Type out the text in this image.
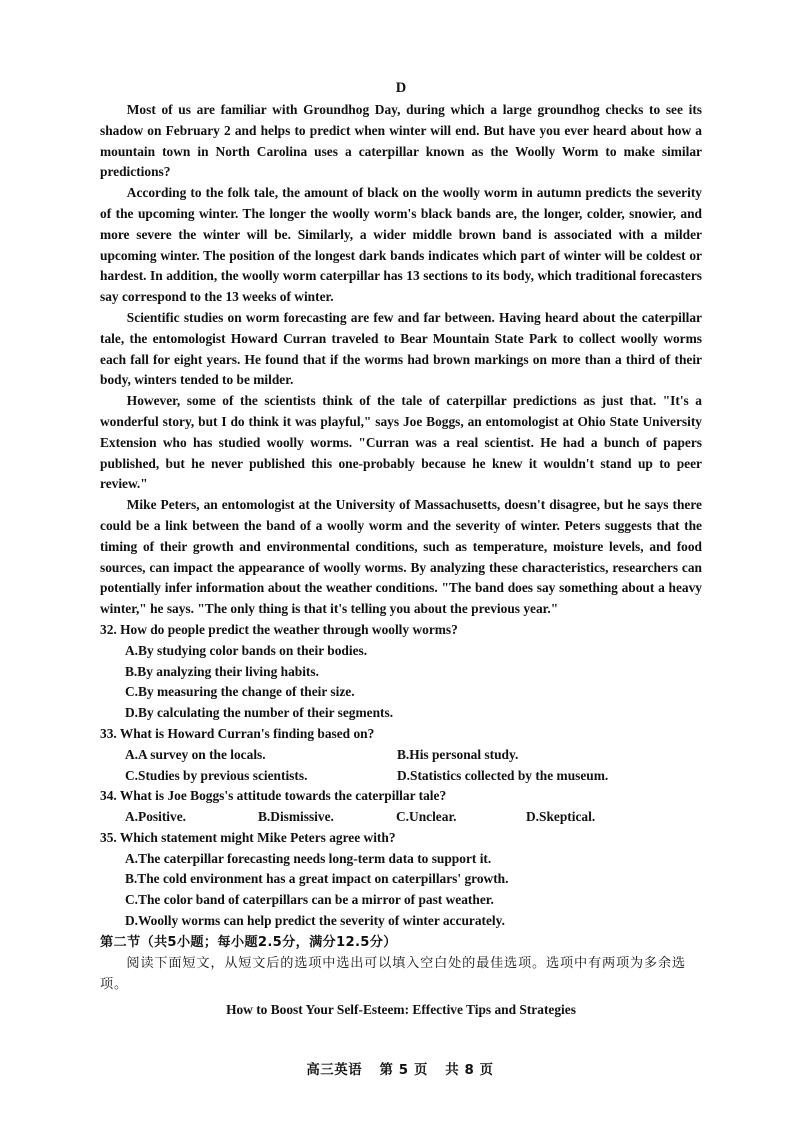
D

Most of us are familiar with Groundhog Day, during which a large groundhog checks to see its shadow on February 2 and helps to predict when winter will end. But have you ever heard about how a mountain town in North Carolina uses a caterpillar known as the Woolly Worm to make similar predictions?

According to the folk tale, the amount of black on the woolly worm in autumn predicts the severity of the upcoming winter. The longer the woolly worm's black bands are, the longer, colder, snowier, and more severe the winter will be. Similarly, a wider middle brown band is associated with a milder upcoming winter. The position of the longest dark bands indicates which part of winter will be coldest or hardest. In addition, the woolly worm caterpillar has 13 sections to its body, which traditional forecasters say correspond to the 13 weeks of winter.

Scientific studies on worm forecasting are few and far between. Having heard about the caterpillar tale, the entomologist Howard Curran traveled to Bear Mountain State Park to collect woolly worms each fall for eight years. He found that if the worms had brown markings on more than a third of their body, winters tended to be milder.

However, some of the scientists think of the tale of caterpillar predictions as just that. "It's a wonderful story, but I do think it was playful," says Joe Boggs, an entomologist at Ohio State University Extension who has studied woolly worms. "Curran was a real scientist. He had a bunch of papers published, but he never published this one-probably because he knew it wouldn't stand up to peer review."

Mike Peters, an entomologist at the University of Massachusetts, doesn't disagree, but he says there could be a link between the band of a woolly worm and the severity of winter. Peters suggests that the timing of their growth and environmental conditions, such as temperature, moisture levels, and food sources, can impact the appearance of woolly worms. By analyzing these characteristics, researchers can potentially infer information about the weather conditions. "The band does say something about a heavy winter," he says. "The only thing is that it's telling you about the previous year."

32. How do people predict the weather through woolly worms?

A.By studying color bands on their bodies.

B.By analyzing their living habits.

C.By measuring the change of their size.

D.By calculating the number of their segments.

33. What is Howard Curran's finding based on?

A.A survey on the locals.	B.His personal study.
C.Studies by previous scientists.	D.Statistics collected by the museum.

34. What is Joe Boggs's attitude towards the caterpillar tale?

A.Positive.	B.Dismissive.	C.Unclear.	D.Skeptical.

35. Which statement might Mike Peters agree with?

A.The caterpillar forecasting needs long-term data to support it.

B.The cold environment has a great impact on caterpillars' growth.

C.The color band of caterpillars can be a mirror of past weather.

D.Woolly worms can help predict the severity of winter accurately.

第二节（共5小题；每小题2.5分，满分12.5分）

阅读下面短文，从短文后的选项中选出可以填入空白处的最佳选项。选项中有两项为多余选项。

How to Boost Your Self-Esteem: Effective Tips and Strategies
高三英语 第 5 页 共 8 页
